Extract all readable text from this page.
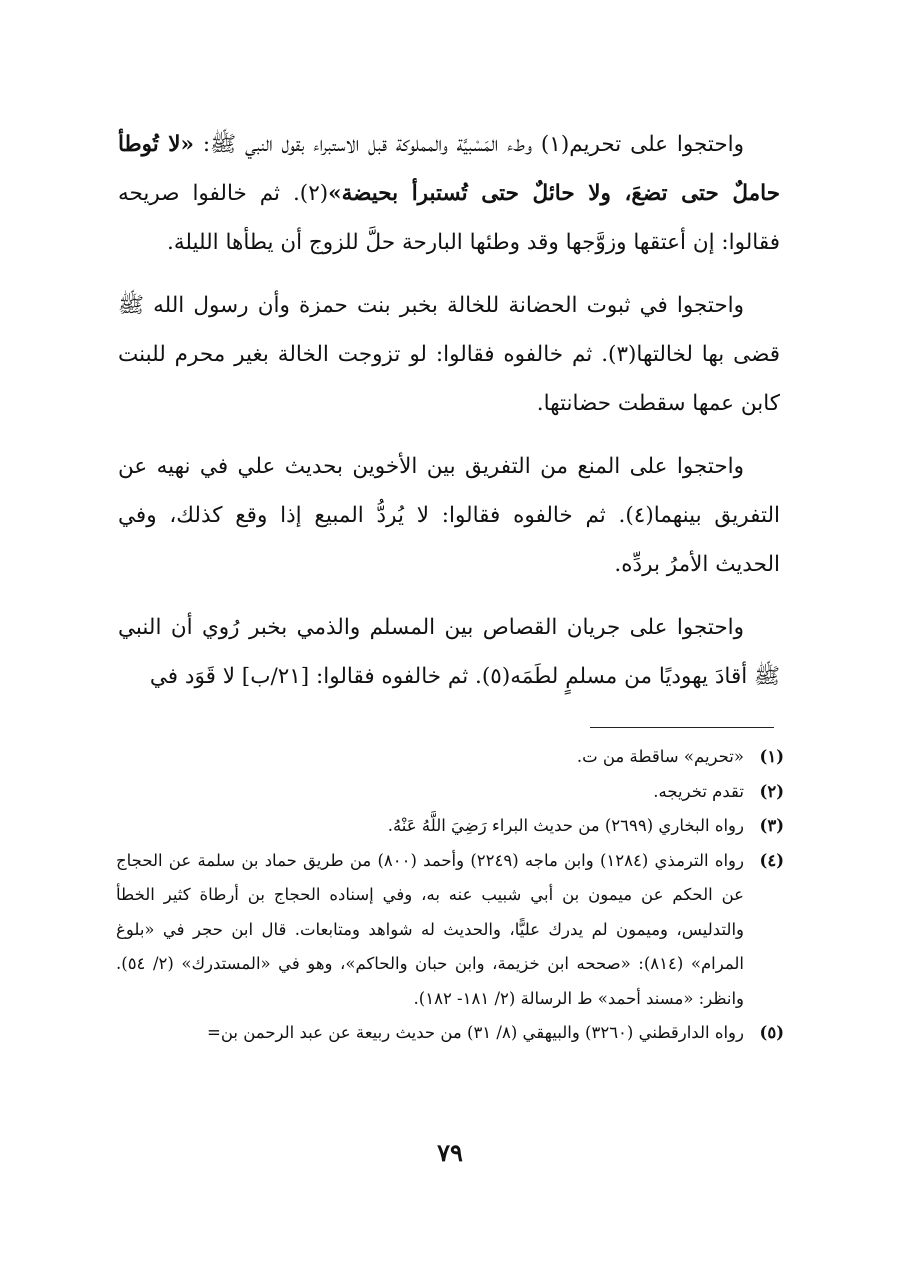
واحتجوا على تحريم(١) وطء المَسْبيَّة والمملوكة قبل الاستبراء بقول النبي ﷺ: «لا تُوطأ حاملٌ حتى تضعَ، ولا حائلٌ حتى تُستبرأ بحيضة»(٢). ثم خالفوا صريحه فقالوا: إن أعتقها وزوَّجها وقد وطئها البارحة حلَّ للزوج أن يطأها الليلة.

واحتجوا في ثبوت الحضانة للخالة بخبر بنت حمزة وأن رسول الله ﷺ قضى بها لخالتها(٣). ثم خالفوه فقالوا: لو تزوجت الخالة بغير محرم للبنت كابن عمها سقطت حضانتها.

واحتجوا على المنع من التفريق بين الأخوين بحديث علي في نهيه عن التفريق بينهما(٤). ثم خالفوه فقالوا: لا يُردُّ المبيع إذا وقع كذلك، وفي الحديث الأمرُ بردِّه.

واحتجوا على جريان القصاص بين المسلم والذمي بخبر رُوي أن النبي ﷺ أقادَ يهوديًا من مسلمٍ لطَمَه(٥). ثم خالفوه فقالوا: [٢١/ب] لا قَوَد في

(١)
«تحريم» ساقطة من ت.
(٢)
تقدم تخريجه.
(٣)
رواه البخاري (٢٦٩٩) من حديث البراء رَضِيَ اللَّهُ عَنْهُ.
(٤)
رواه الترمذي (١٢٨٤) وابن ماجه (٢٢٤٩) وأحمد (٨٠٠) من طريق حماد بن سلمة عن الحجاج عن الحكم عن ميمون بن أبي شبيب عنه به، وفي إسناده الحجاج بن أرطاة كثير الخطأ والتدليس، وميمون لم يدرك عليًّا، والحديث له شواهد ومتابعات. قال ابن حجر في «بلوغ المرام» (٨١٤): «صححه ابن خزيمة، وابن حبان والحاكم»، وهو في «المستدرك» (٢/ ٥٤). وانظر: «مسند أحمد» ط الرسالة (٢/ ١٨١- ١٨٢).
(٥)
رواه الدارقطني (٣٢٦٠) والبيهقي (٨/ ٣١) من حديث ربيعة عن عبد الرحمن بن=
٧٩
